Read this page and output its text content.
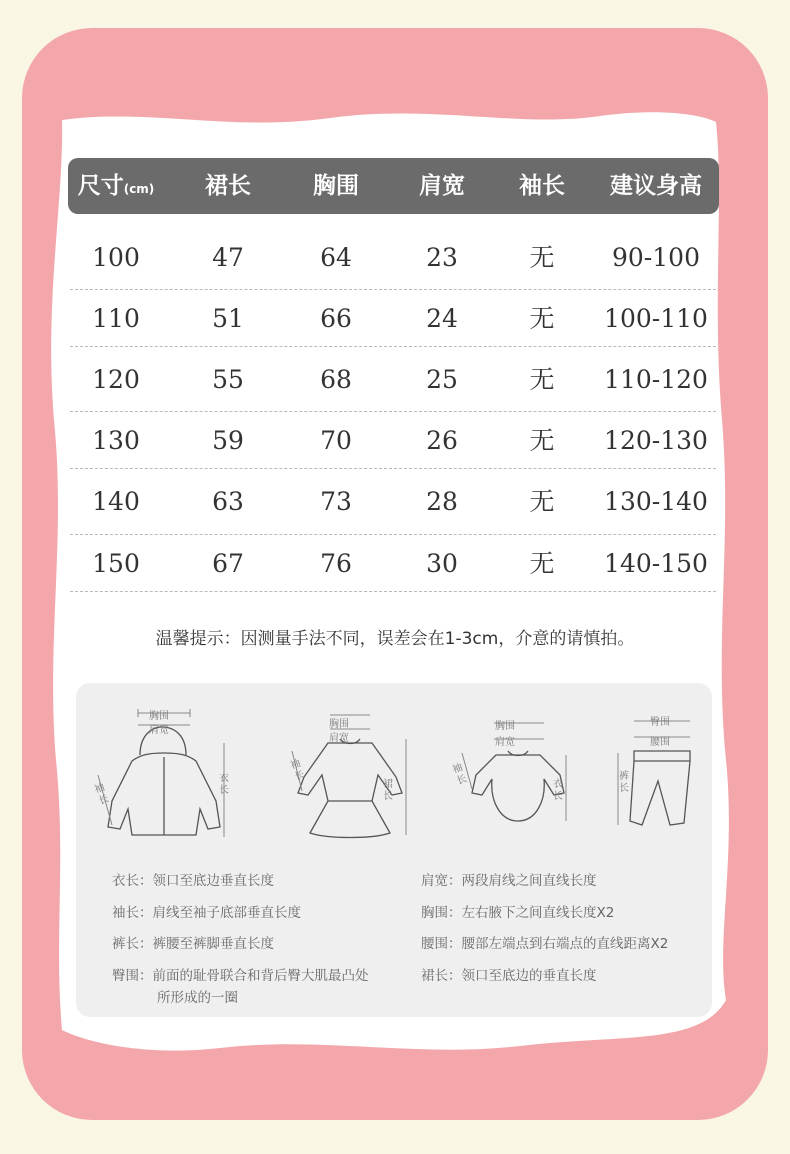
尺寸(cm)	裙长	胸围	肩宽	袖长	建议身高
100	47	64	23	无	90-100
110	51	66	24	无	100-110
120	55	68	25	无	110-120
130	59	70	26	无	120-130
140	63	73	28	无	130-140
150	67	76	30	无	140-150
温馨提示：因测量手法不同，误差会在1-3cm，介意的请慎拍。
胸围
肩宽
衣长
袖长
胸围
肩宽
裙长
袖长
胸围
肩宽
衣长
袖长
臀围
腰围
裤长
衣长：领口至底边垂直长度
袖长：肩线至袖子底部垂直长度
裤长：裤腰至裤脚垂直长度
臀围：前面的耻骨联合和背后臀大肌最凸处
所形成的一圈
肩宽：两段肩线之间直线长度
胸围：左右腋下之间直线长度X2
腰围：腰部左端点到右端点的直线距离X2
裙长：领口至底边的垂直长度
